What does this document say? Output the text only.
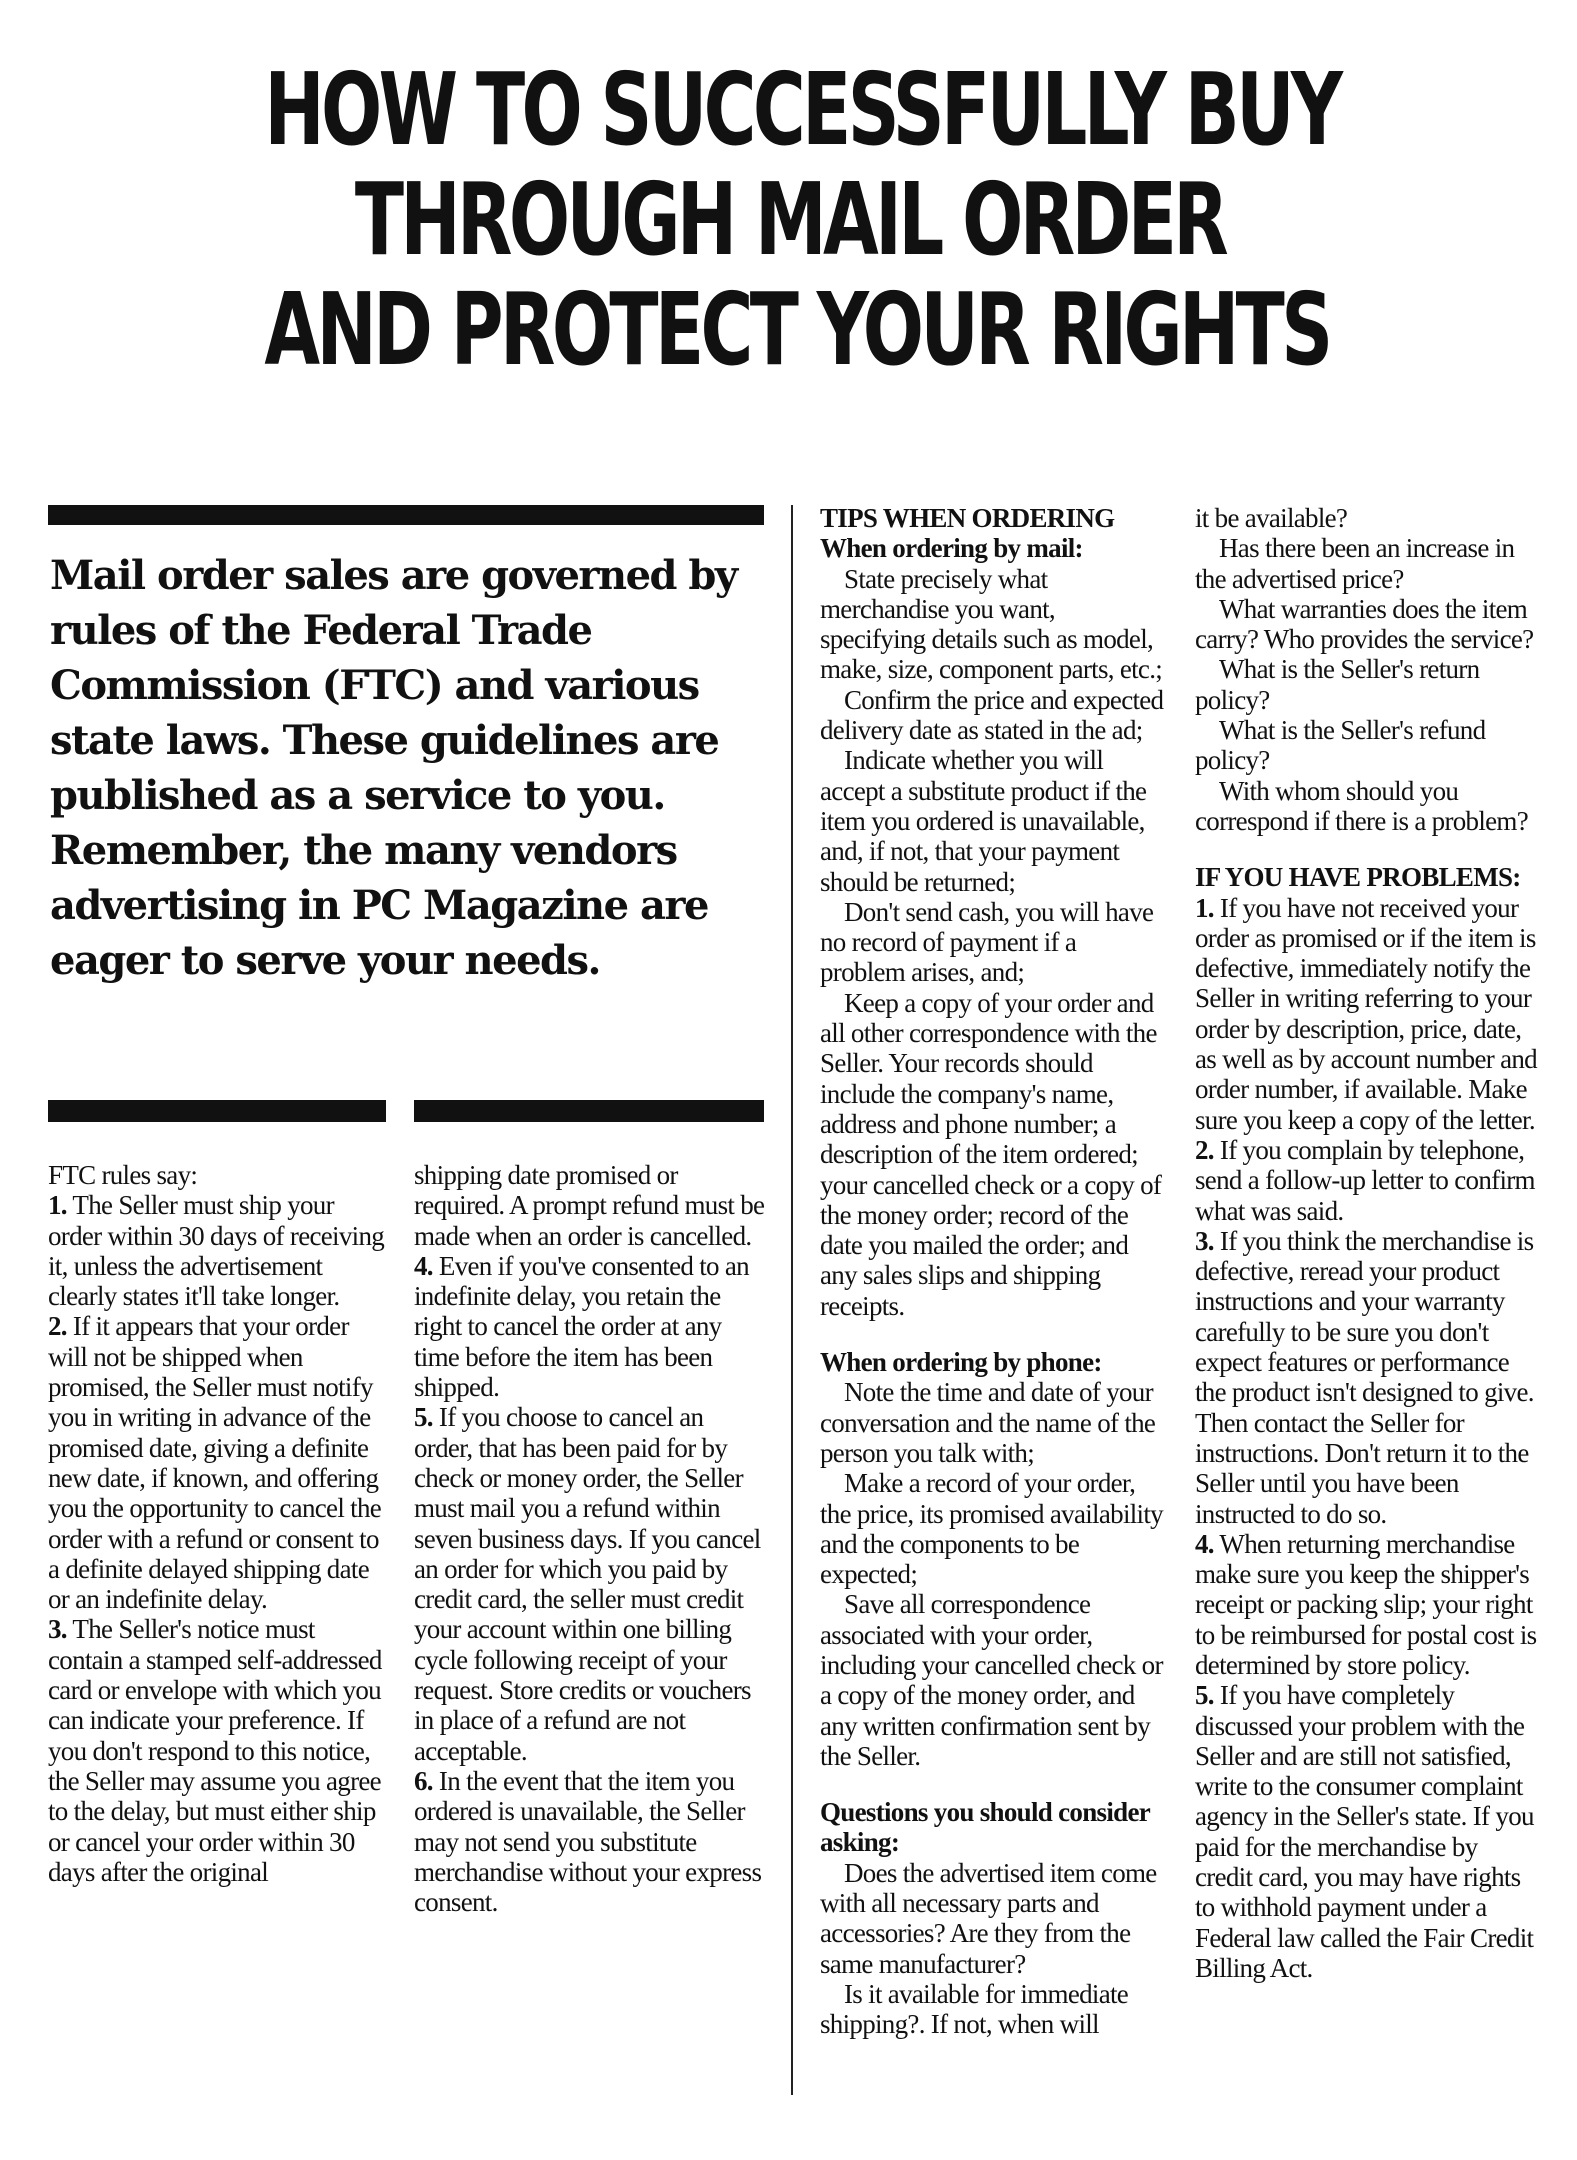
HOW TO SUCCESSFULLY BUY
THROUGH MAIL ORDER
AND PROTECT YOUR RIGHTS

Mail order sales are governed by rules of the Federal Trade Commission (FTC) and various state laws. These guidelines are published as a service to you. Remember, the many vendors advertising in PC Magazine are eager to serve your needs.

FTC rules say:

1. The Seller must ship your order within 30 days of receiving it, unless the advertisement clearly states it'll take longer.

2. If it appears that your order will not be shipped when promised, the Seller must notify you in writing in advance of the promised date, giving a definite new date, if known, and offering you the opportunity to cancel the order with a refund or consent to a definite delayed shipping date or an indefinite delay.

3. The Seller's notice must contain a stamped self-addressed card or envelope with which you can indicate your preference. If you don't respond to this notice, the Seller may assume you agree to the delay, but must either ship or cancel your order within 30 days after the original

shipping date promised or required. A prompt refund must be made when an order is cancelled.

4. Even if you've consented to an indefinite delay, you retain the right to cancel the order at any time before the item has been shipped.

5. If you choose to cancel an order, that has been paid for by check or money order, the Seller must mail you a refund within seven business days. If you cancel an order for which you paid by credit card, the seller must credit your account within one billing cycle following receipt of your request. Store credits or vouchers in place of a refund are not acceptable.

6. In the event that the item you ordered is unavailable, the Seller may not send you substitute merchandise without your express consent.

TIPS WHEN ORDERING

When ordering by mail:

State precisely what merchandise you want, specifying details such as model, make, size, component parts, etc.;

Confirm the price and expected delivery date as stated in the ad;

Indicate whether you will accept a substitute product if the item you ordered is unavailable, and, if not, that your payment should be returned;

Don't send cash, you will have no record of payment if a problem arises, and;

Keep a copy of your order and all other correspondence with the Seller. Your records should include the company's name, address and phone number; a description of the item ordered; your cancelled check or a copy of the money order; record of the date you mailed the order; and any sales slips and shipping receipts.

When ordering by phone:

Note the time and date of your conversation and the name of the person you talk with;

Make a record of your order, the price, its promised availability and the components to be expected;

Save all correspondence associated with your order, including your cancelled check or a copy of the money order, and any written confirmation sent by the Seller.

Questions you should consider asking:

Does the advertised item come with all necessary parts and accessories? Are they from the same manufacturer?

Is it available for immediate shipping?. If not, when will

it be available?

Has there been an increase in the advertised price?

What warranties does the item carry? Who provides the service?

What is the Seller's return policy?

What is the Seller's refund policy?

With whom should you correspond if there is a problem?

IF YOU HAVE PROBLEMS:

1. If you have not received your order as promised or if the item is defective, immediately notify the Seller in writing referring to your order by description, price, date, as well as by account number and order number, if available. Make sure you keep a copy of the letter.

2. If you complain by telephone, send a follow-up letter to confirm what was said.

3. If you think the merchandise is defective, reread your product instructions and your warranty carefully to be sure you don't expect features or performance the product isn't designed to give. Then contact the Seller for instructions. Don't return it to the Seller until you have been instructed to do so.

4. When returning merchandise make sure you keep the shipper's receipt or packing slip; your right to be reimbursed for postal cost is determined by store policy.

5. If you have completely discussed your problem with the Seller and are still not satisfied, write to the consumer complaint agency in the Seller's state. If you paid for the merchandise by credit card, you may have rights to withhold payment under a Federal law called the Fair Credit Billing Act.
